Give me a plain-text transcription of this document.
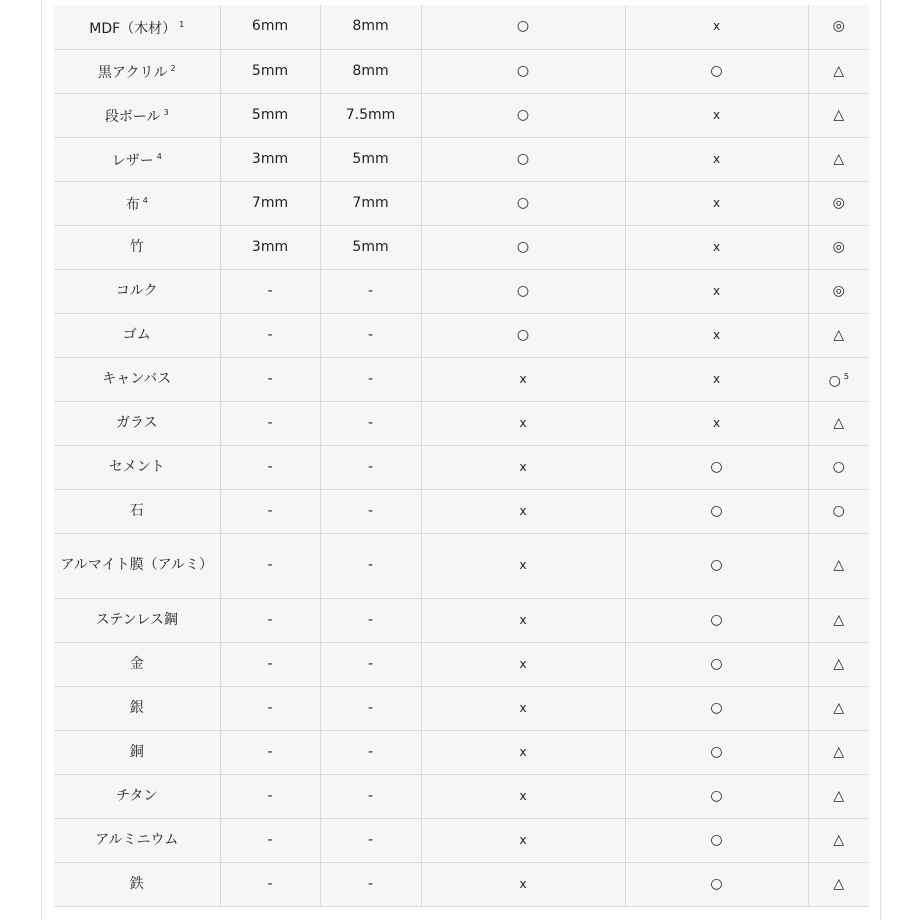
MDF（木材） $^1$	6mm	8mm	○	x	◎
黒アクリル $^2$	5mm	8mm	○	○	△
段ボール $^3$	5mm	7.5mm	○	x	△
レザー $^4$	3mm	5mm	○	x	△
布 $^4$	7mm	7mm	○	x	◎
竹	3mm	5mm	○	x	◎
コルク	-	-	○	x	◎
ゴム	-	-	○	x	△
キャンバス	-	-	x	x	○ $^5$
ガラス	-	-	x	x	△
セメント	-	-	x	○	○
石	-	-	x	○	○
アルマイト膜（アルミ）	-	-	x	○	△
ステンレス鋼	-	-	x	○	△
金	-	-	x	○	△
銀	-	-	x	○	△
銅	-	-	x	○	△
チタン	-	-	x	○	△
アルミニウム	-	-	x	○	△
鉄	-	-	x	○	△
